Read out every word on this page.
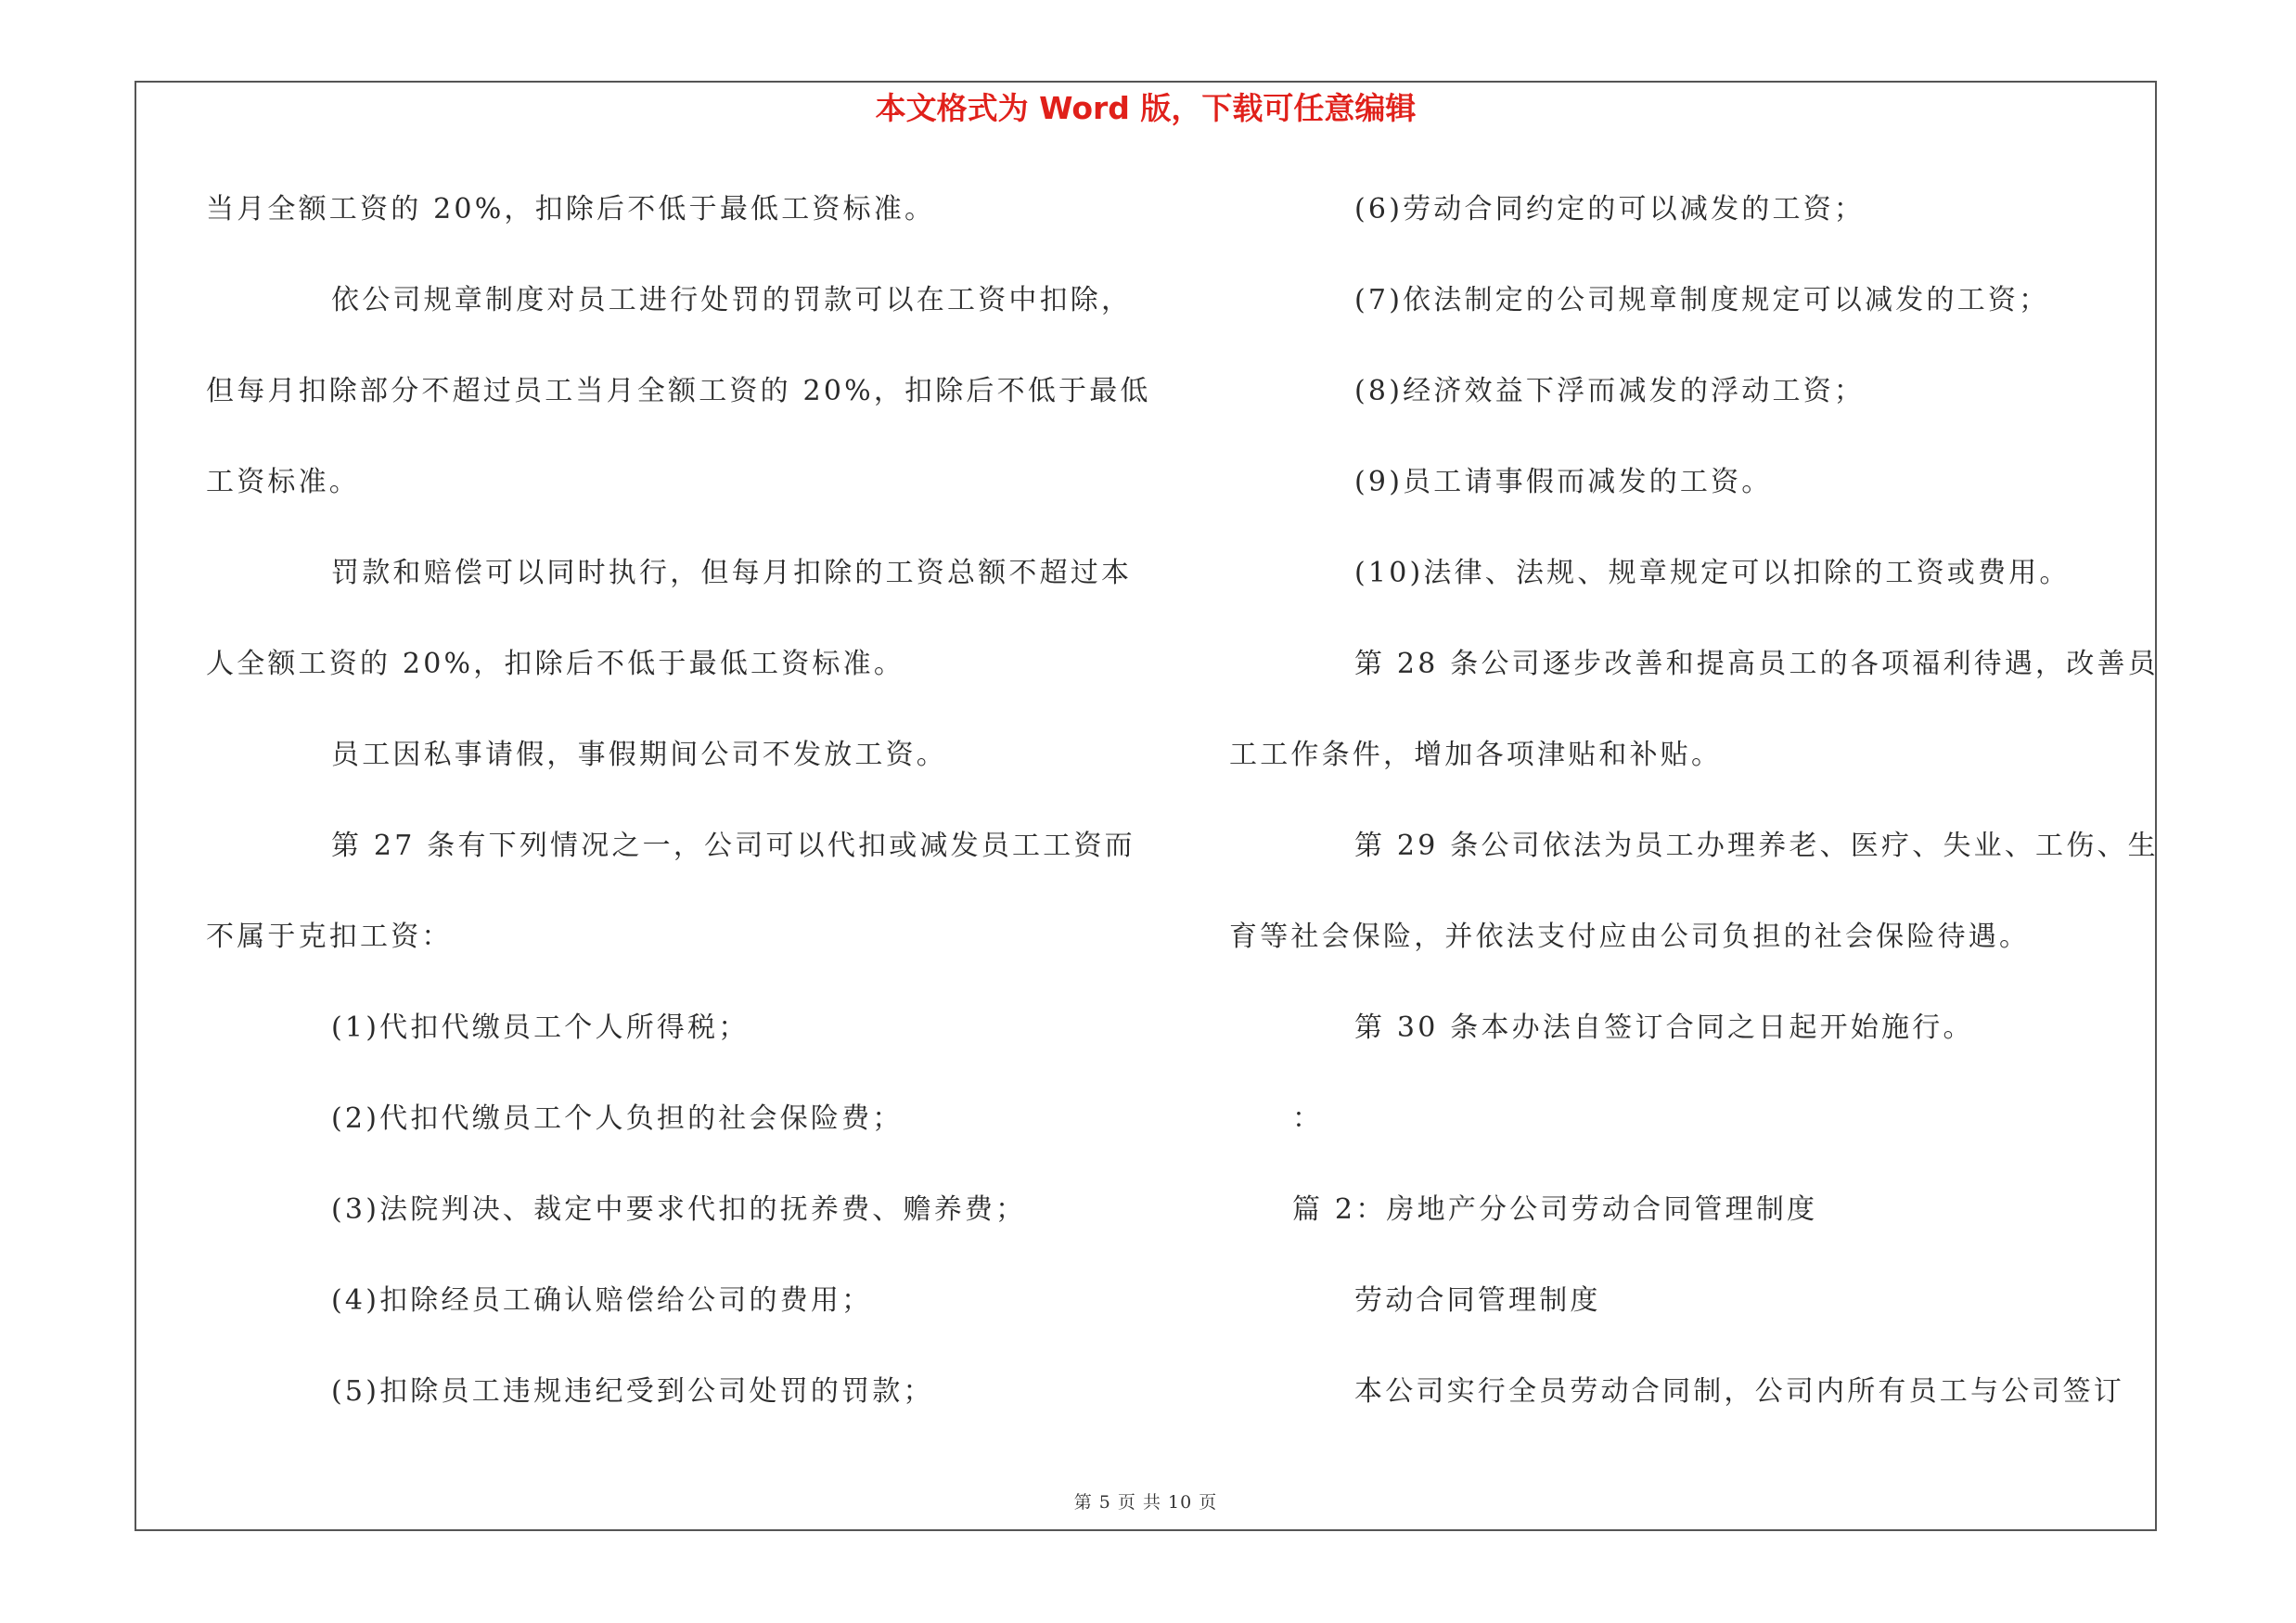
本文格式为 Word 版，下载可任意编辑
当月全额工资的 20%，扣除后不低于最低工资标准。
依公司规章制度对员工进行处罚的罚款可以在工资中扣除，
但每月扣除部分不超过员工当月全额工资的 20%，扣除后不低于最低
工资标准。
罚款和赔偿可以同时执行，但每月扣除的工资总额不超过本
人全额工资的 20%，扣除后不低于最低工资标准。
员工因私事请假，事假期间公司不发放工资。
第 27 条有下列情况之一，公司可以代扣或减发员工工资而
不属于克扣工资：
(1)代扣代缴员工个人所得税；
(2)代扣代缴员工个人负担的社会保险费；
(3)法院判决、裁定中要求代扣的抚养费、赡养费；
(4)扣除经员工确认赔偿给公司的费用；
(5)扣除员工违规违纪受到公司处罚的罚款；
(6)劳动合同约定的可以减发的工资；
(7)依法制定的公司规章制度规定可以减发的工资；
(8)经济效益下浮而减发的浮动工资；
(9)员工请事假而减发的工资。
(10)法律、法规、规章规定可以扣除的工资或费用。
第 28 条公司逐步改善和提高员工的各项福利待遇，改善员
工工作条件，增加各项津贴和补贴。
第 29 条公司依法为员工办理养老、医疗、失业、工伤、生
育等社会保险，并依法支付应由公司负担的社会保险待遇。
第 30 条本办法自签订合同之日起开始施行。
：
篇 2：房地产分公司劳动合同管理制度
劳动合同管理制度
本公司实行全员劳动合同制，公司内所有员工与公司签订
第 5 页 共 10 页
